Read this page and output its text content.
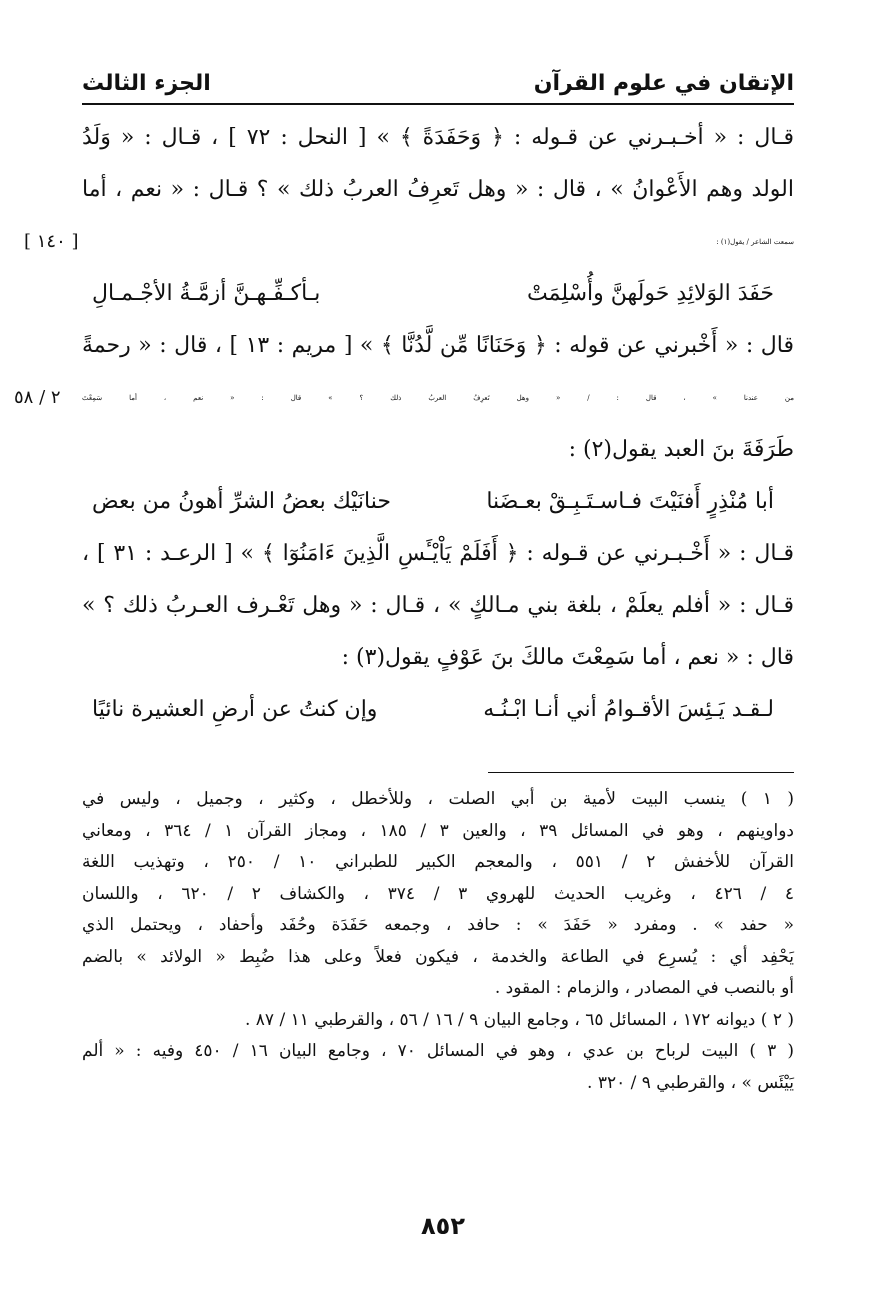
الإتقان في علوم القرآن
الجزء الثالث
قـال : « أخـبـرني عن قـوله : ﴿ وَحَفَدَةً ﴾ » [ النحل : ٧٢ ] ، قـال : « وَلَدُ
الولد وهم الأَعْوانُ » ، قال : « وهل تَعرِفُ العربُ ذلك » ؟ قـال : « نعم ، أما
سمعت الشاعر / يقول(١) :
[ ١٤٠ ]
حَفَدَ الوَلائِدِ حَولَهنَّ وأُسْلِمَتْ
بـأكـفِّـهـنَّ أزمَّـةُ الأجْـمـالِ
قال : « أَخْبرني عن قوله : ﴿ وَحَنَانًا مِّن لَّدُنَّا ﴾ » [ مريم : ١٣ ] ، قال : « رحمةً
من عندنا » ، قال : / « وهل تَعرِفُ العربُ ذلك ؟ » قال : « نعم ، أما سَمِعْتَ
٢ / ٥٨
طَرَفَةَ بنَ العبد يقول(٢) :
أبا مُنْذِرٍ أَفنَيْتَ فـاسـتَـبِـقْ بعـضَنا
حنانَيْك بعضُ الشرِّ أهونُ من بعض
قـال : « أَخْـبـرني عن قـوله : ﴿ أَفَلَمْ يَاْيْـَٔسِ الَّذِينَ ءَامَنُوٓا ﴾ » [ الرعـد : ٣١ ] ،
قـال : « أفلم يعلَمْ ، بلغة بني مـالكٍ » ، قـال : « وهل تَعْـرف العـربُ ذلك ؟ »
قال : « نعم ، أما سَمِعْتَ مالكَ بنَ عَوْفٍ يقول(٣) :
لـقـد يَـئِسَ الأقـوامُ أني أنـا ابْـنُـه
وإن كنتُ عن أرضِ العشيرة نائيًا
( ١ ) ينسب البيت لأمية بن أبي الصلت ، وللأخطل ، وكثير ، وجميل ، وليس في
دواوينهم ، وهو في المسائل ٣٩ ، والعين ٣ / ١٨٥ ، ومجاز القرآن ١ / ٣٦٤ ، ومعاني
القرآن للأخفش ٢ / ٥٥١ ، والمعجم الكبير للطبراني ١٠ / ٢٥٠ ، وتهذيب اللغة
٤ / ٤٢٦ ، وغريب الحديث للهروي ٣ / ٣٧٤ ، والكشاف ٢ / ٦٢٠ ، واللسان
« حفد » . ومفرد « حَفَدَ » : حافد ، وجمعه حَفَدَة وحُفَد وأحفاد ، ويحتمل الذي
يَحْفِد أي : يُسرِع في الطاعة والخدمة ، فيكون فعلاً وعلى هذا ضُبِط « الولائد » بالضم
أو بالنصب في المصادر ، والزمام : المقود .
( ٢ ) ديوانه ١٧٢ ، المسائل ٦٥ ، وجامع البيان ٩ / ١٦ / ٥٦ ، والقرطبي ١١ / ٨٧ .
( ٣ ) البيت لرباح بن عدي ، وهو في المسائل ٧٠ ، وجامع البيان ١٦ / ٤٥٠ وفيه : « ألم
يَيْئَس » ، والقرطبي ٩ / ٣٢٠ .
٨٥٢
